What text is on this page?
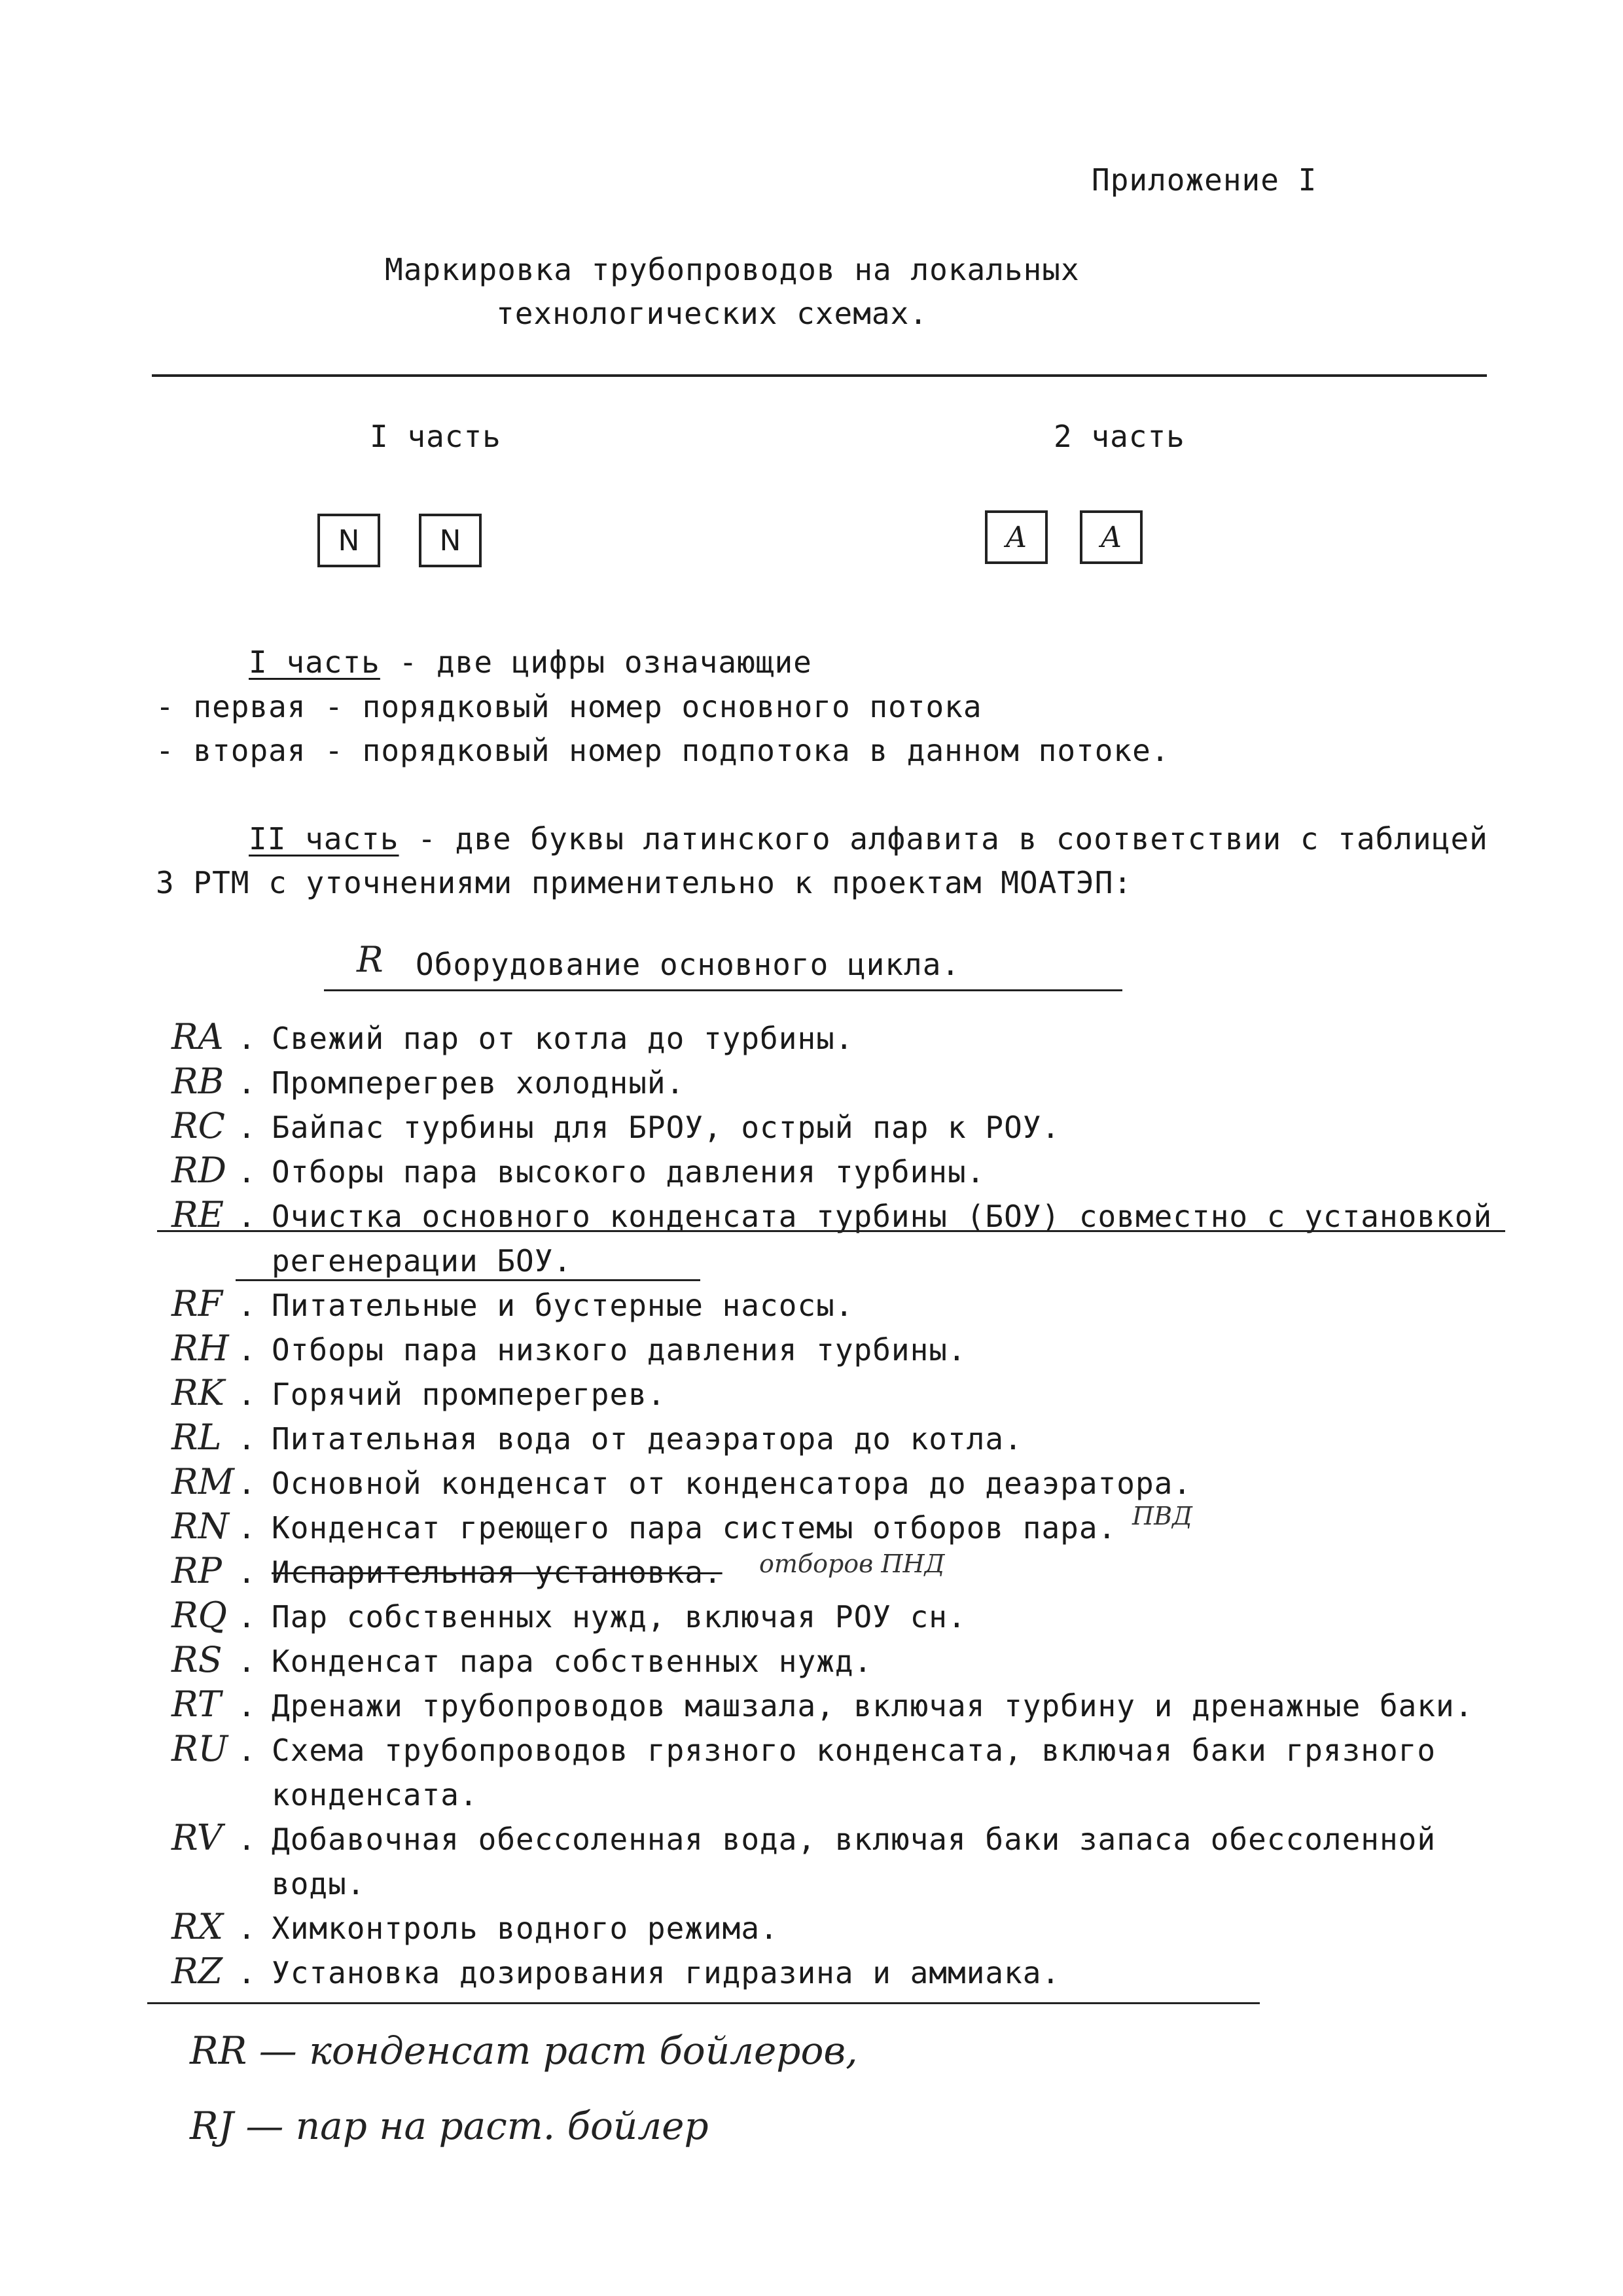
Приложение I
Маркировка трубопроводов на локальных
технологических схемах.
I часть	2 часть
N	N	A	A
I часть - две цифры означающие
- первая - порядковый номер основного потока
- вторая - порядковый номер подпотока в данном потоке.
II часть - две буквы латинского алфавита в соответствии с таблицей
3 РТМ с уточнениями применительно к проектам МОАТЭП:
R	Оборудование основного цикла.
RA . Свежий пар от котла до турбины.
RB . Промперегрев холодный.
RC . Байпас турбины для БРОУ, острый пар к РОУ.
RD . Отборы пара высокого давления турбины.
RE . Очистка основного конденсата турбины (БОУ) совместно с установкой
регенерации БОУ.
RF . Питательные и бустерные насосы.
RH . Отборы пара низкого давления турбины.
RK . Горячий промперегрев.
RL . Питательная вода от деаэратора до котла.
RM . Основной конденсат от конденсатора до деаэратора.
RN . Конденсат греющего пара системы отборов пара. ПВД
RP . Испарительная установка. отборов ПНД
RQ . Пар собственных нужд, включая РОУ сн.
RS . Конденсат пара собственных нужд.
RT . Дренажи трубопроводов машзала, включая турбину и дренажные баки.
RU . Схема трубопроводов грязного конденсата, включая баки грязного
конденсата.
RV . Добавочная обессоленная вода, включая баки запаса обессоленной
воды.
RX . Химконтроль водного режима.
RZ . Установка дозирования гидразина и аммиака.
RR — конденсат раст бойлеров,
RJ — пар на раст. бойлер
